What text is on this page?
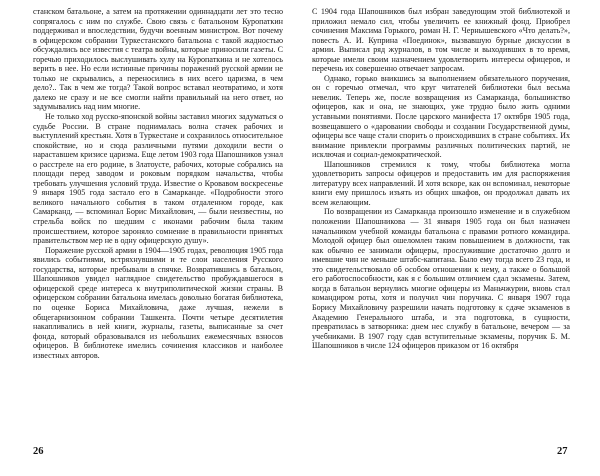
станском батальоне, а затем на протяжении одиннадцати лет это тесно сопрягалось с ним по службе. Свою связь с батальоном Куропаткин поддерживал и впоследствии, будучи военным министром. Вот почему в офицерском собрании Туркестанского батальона с такой жадностью обсуждались все известия с театра войны, которые приносили газеты. С горечью приходилось выслушивать хулу на Куропаткина и не хотелось верить в нее. Но если истинные причины поражений русской армии не только не скрывались, а переносились в них всего царизма, в чем дело?.. Так в чем же тогда? Такой вопрос вставал неотвратимо, и хотя далеко не сразу и не все смогли найти правильный на него ответ, но задумывались над ним многие.

Не только ход русско-японской войны заставил многих задуматься о судьбе России. В стране поднималась волна стачек рабочих и выступлений крестьян. Хотя в Туркестане и сохранилось относительное спокойствие, но и сюда различными путями доходили вести о нараставшем кризисе царизма. Еще летом 1903 года Шапошников узнал о расстреле на его родине, в Златоусте, рабочих, которые собрались на площади перед заводом и роковым порядком начальства, чтобы требовать улучшения условий труда. Известие о Кровавом воскресенье 9 января 1905 года застало его в Самарканде. «Подробности этого великого начального события в таком отдаленном городе, как Самарканд, — вспоминал Борис Михайлович, — были неизвестны, но стрельба войск по шедшим с иконами рабочим была таким происшествием, которое зароняло сомнение в правильности принятых правительством мер не в одну офицерскую душу».

Поражение русской армии в 1904—1905 годах, революция 1905 года явились событиями, встряхнувшими и те слои населения Русского государства, которые пребывали в спячке. Возвратившись в батальон, Шапошников увидел наглядное свидетельство пробуждавшегося в офицерской среде интереса к внутриполитической жизни страны. В офицерском собрании батальона имелась довольно богатая библиотека, по оценке Бориса Михайловича, даже лучшая, нежели в общегарнизонном собрании Ташкента. Почти четыре десятилетия накапливались в ней книги, журналы, газеты, выписанные за счет фонда, который образовывался из небольших ежемесячных взносов офицеров. В библиотеке имелись сочинения классиков и наиболее известных авторов.

26

С 1904 года Шапошников был избран заведующим этой библиотекой и приложил немало сил, чтобы увеличить ее книжный фонд. Приобрел сочинения Максима Горького, роман Н. Г. Чернышевского «Что делать?», повесть А. И. Куприна «Поединок», вызвавшую бурные дискуссии в армии. Выписал ряд журналов, в том числе и выходивших в то время, которые имели своим назначением удовлетворить интересы офицеров, и перечень их совершенно отвечает запросам.

Однако, горько вникшись за выполнением обязательного поручения, он с горечью отмечал, что круг читателей библиотеки был весьма невелик. Теперь же, после возвращения из Самарканда, большинство офицеров, как и она, не знающих, уже трудно было жить одними уставными понятиями. После царского манифеста 17 октября 1905 года, возвещавшего о «даровании свободы и создании Государственной думы, офицеры все чаще стали спорить о происходивших в стране событиях. Их внимание привлекли программы различных политических партий, не исключая и социал-демократической.

Шапошников стремился к тому, чтобы библиотека могла удовлетворить запросы офицеров и предоставить им для распоряжения литературу всех направлений. И хотя вскоре, как он вспоминал, некоторые книги ему пришлось изъять из общих шкафов, он продолжал давать их всем желающим.

По возвращении из Самарканда произошло изменение и в служебном положении Шапошникова — 31 января 1905 года он был назначен начальником учебной команды батальона с правами ротного командира. Молодой офицер был ошеломлен таким повышением в должности, так как обычно ее занимали офицеры, прослужившие достаточно долго и имевшие чин не меньше штабс-капитана. Было ему тогда всего 23 года, и это свидетельствовало об особом отношении к нему, а также о большой его работоспособности, как я с большим отличием сдал экзамены. Затем, когда в батальон вернулись многие офицеры из Маньчжурии, вновь стал командиром роты, хотя и получил чин поручика. С января 1907 года Борису Михайловичу разрешили начать подготовку к сдаче экзаменов в Академию Генерального штаба, и эта подготовка, в сущности, превратилась в затворника: днем нес службу в батальоне, вечером — за учебниками. В 1907 году сдав вступительные экзамены, поручик Б. М. Шапошников в числе 124 офицеров приказом от 16 октября

27
